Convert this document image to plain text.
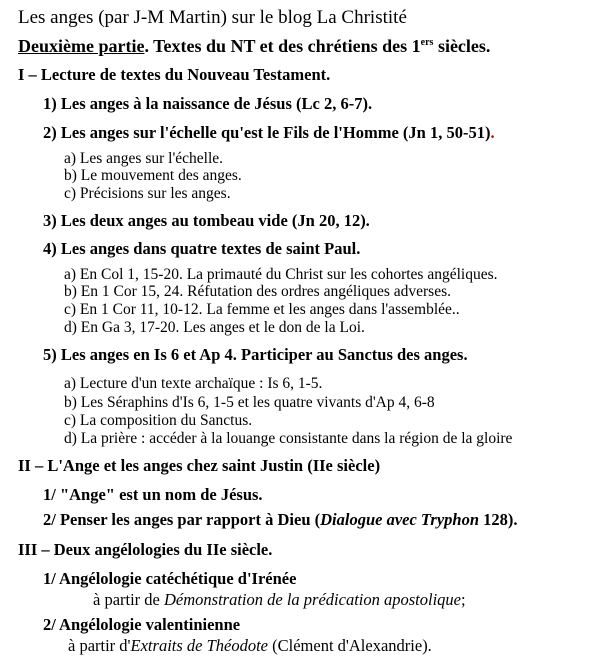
Les anges (par J-M Martin) sur le blog La Christité
Deuxième partie. Textes du NT et des chrétiens des 1ers siècles.
I – Lecture de textes du Nouveau Testament.
1) Les anges à la naissance de Jésus (Lc 2, 6-7).
2) Les anges sur l'échelle qu'est le Fils de l'Homme (Jn 1, 50-51).
a) Les anges sur l'échelle.
b) Le mouvement des anges.
c) Précisions sur les anges.
3) Les deux anges au tombeau vide (Jn 20, 12).
4) Les anges dans quatre textes de saint Paul.
a) En Col 1, 15-20. La primauté du Christ sur les cohortes angéliques.
b) En 1 Cor 15, 24. Réfutation des ordres angéliques adverses.
c) En 1 Cor 11, 10-12. La femme et les anges dans l'assemblée..
d) En Ga 3, 17-20. Les anges et le don de la Loi.
5) Les anges en Is 6 et Ap 4. Participer au Sanctus des anges.
a) Lecture d'un texte archaïque : Is 6, 1-5.
b) Les Séraphins d'Is 6, 1-5 et les quatre vivants d'Ap 4, 6-8
c) La composition du Sanctus.
d) La prière : accéder à la louange consistante dans la région de la gloire
II – L'Ange et les anges chez saint Justin (IIe siècle)
1/ "Ange" est un nom de Jésus.
2/ Penser les anges par rapport à Dieu (Dialogue avec Tryphon 128).
III – Deux angélologies du IIe siècle.
1/ Angélologie catéchétique d'Irénée
à partir de Démonstration de la prédication apostolique;
2/ Angélologie valentinienne
à partir d'Extraits de Théodote (Clément d'Alexandrie).
